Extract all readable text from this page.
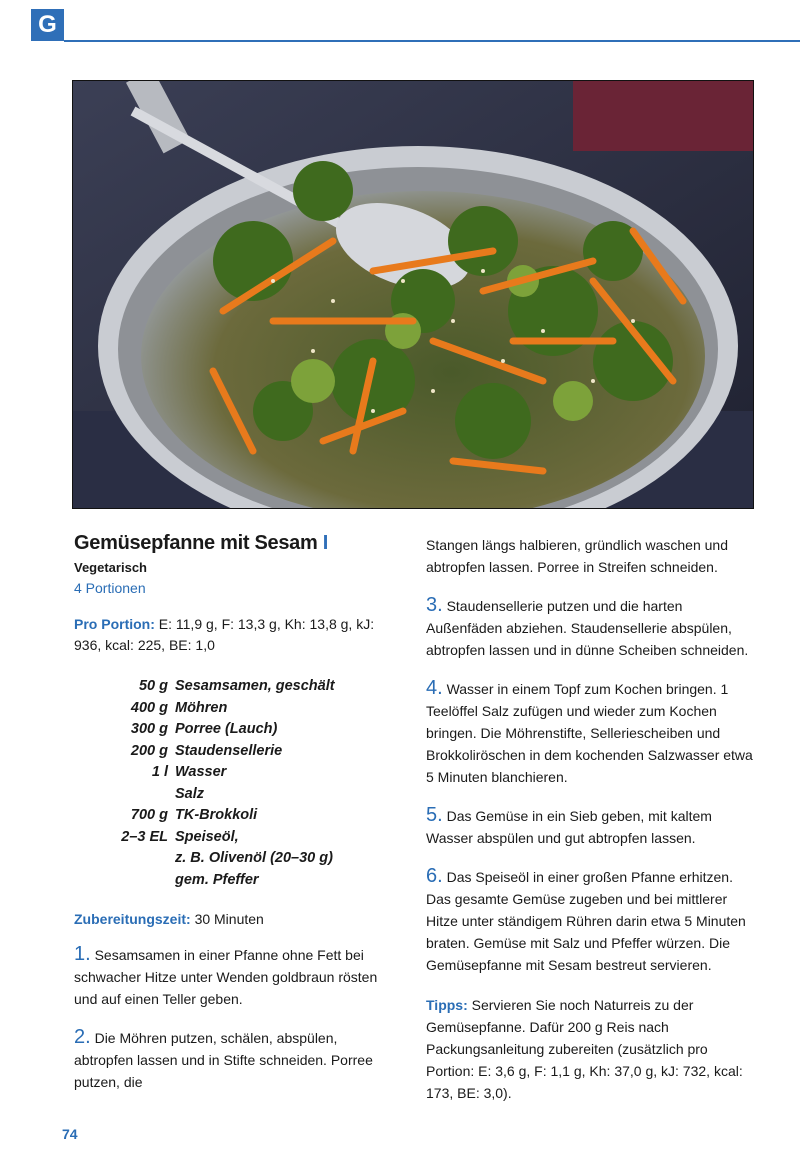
G
Gemüsepfanne mit Sesam I
Vegetarisch
4 Portionen
Pro Portion: E: 11,9 g, F: 13,3 g, Kh: 13,8 g, kJ: 936, kcal: 225, BE: 1,0
50 g Sesamsamen, geschält
400 g Möhren
300 g Porree (Lauch)
200 g Staudensellerie
1 l Wasser
Salz
700 g TK-Brokkoli
2–3 EL Speiseöl,
z. B. Olivenöl (20–30 g)
gem. Pfeffer
Zubereitungszeit: 30 Minuten
1. Sesamsamen in einer Pfanne ohne Fett bei schwacher Hitze unter Wenden goldbraun rösten und auf einen Teller geben.
2. Die Möhren putzen, schälen, abspülen, abtropfen lassen und in Stifte schneiden. Porree putzen, die
Stangen längs halbieren, gründlich waschen und abtropfen lassen. Porree in Streifen schneiden.
3. Staudensellerie putzen und die harten Außenfäden abziehen. Staudensellerie abspülen, abtropfen lassen und in dünne Scheiben schneiden.
4. Wasser in einem Topf zum Kochen bringen. 1 Teelöffel Salz zufügen und wieder zum Kochen bringen. Die Möhrenstifte, Selleriescheiben und Brokkoliröschen in dem kochenden Salzwasser etwa 5 Minuten blanchieren.
5. Das Gemüse in ein Sieb geben, mit kaltem Wasser abspülen und gut abtropfen lassen.
6. Das Speiseöl in einer großen Pfanne erhitzen. Das gesamte Gemüse zugeben und bei mittlerer Hitze unter ständigem Rühren darin etwa 5 Minuten braten. Gemüse mit Salz und Pfeffer würzen. Die Gemüsepfanne mit Sesam bestreut servieren.
Tipps: Servieren Sie noch Naturreis zu der Gemüsepfanne. Dafür 200 g Reis nach Packungsanleitung zubereiten (zusätzlich pro Portion: E: 3,6 g, F: 1,1 g, Kh: 37,0 g, kJ: 732, kcal: 173, BE: 3,0).
74
